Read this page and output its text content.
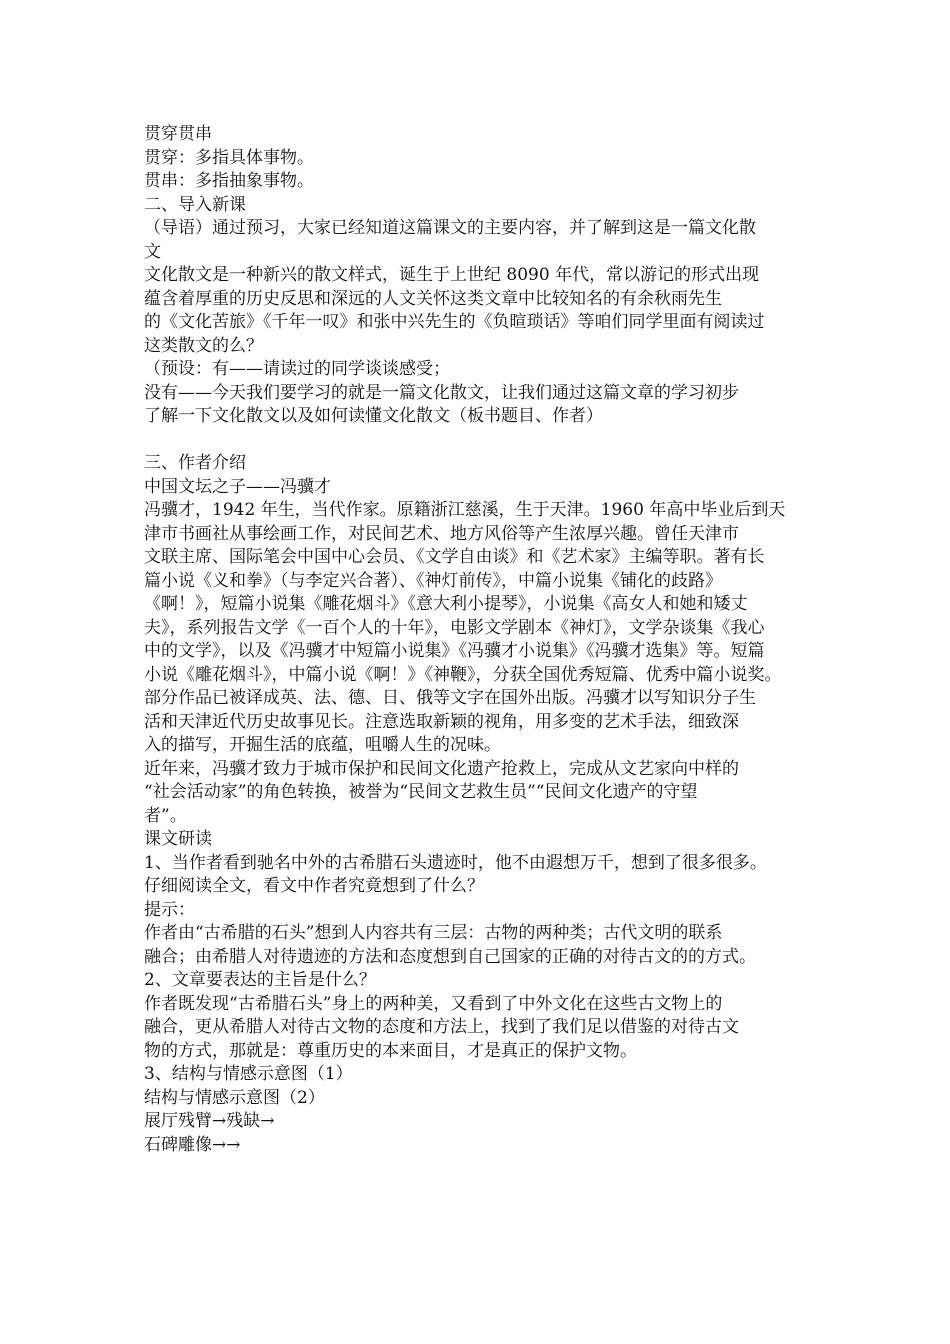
贯穿贯串
贯穿：多指具体事物。
贯串：多指抽象事物。
二、导入新课
（导语）通过预习，大家已经知道这篇课文的主要内容，并了解到这是一篇文化散
文
文化散文是一种新兴的散文样式，诞生于上世纪 8090 年代，常以游记的形式出现
蕴含着厚重的历史反思和深远的人文关怀这类文章中比较知名的有余秋雨先生
的《文化苦旅》《千年一叹》和张中兴先生的《负暄琐话》等咱们同学里面有阅读过
这类散文的么？
（预设：有——请读过的同学谈谈感受；
没有——今天我们要学习的就是一篇文化散文，让我们通过这篇文章的学习初步
了解一下文化散文以及如何读懂文化散文（板书题目、作者）
三、作者介绍
中国文坛之子——冯骥才
冯骥才，1942 年生，当代作家。原籍浙江慈溪，生于天津。1960 年高中毕业后到天
津市书画社从事绘画工作，对民间艺术、地方风俗等产生浓厚兴趣。曾任天津市
文联主席、国际笔会中国中心会员、《文学自由谈》和《艺术家》主编等职。著有长
篇小说《义和拳》（与李定兴合著）、《神灯前传》，中篇小说集《铺化的歧路》
《啊！》，短篇小说集《雕花烟斗》《意大利小提琴》，小说集《高女人和她和矮丈
夫》，系列报告文学《一百个人的十年》，电影文学剧本《神灯》，文学杂谈集《我心
中的文学》，以及《冯骥才中短篇小说集》《冯骥才小说集》《冯骥才选集》等。短篇
小说《雕花烟斗》，中篇小说《啊！》《神鞭》，分获全国优秀短篇、优秀中篇小说奖。
部分作品已被译成英、法、德、日、俄等文字在国外出版。冯骥才以写知识分子生
活和天津近代历史故事见长。注意选取新颖的视角，用多变的艺术手法，细致深
入的描写，开掘生活的底蕴，咀嚼人生的况味。
近年来，冯骥才致力于城市保护和民间文化遗产抢救上，完成从文艺家向中样的
“社会活动家”的角色转换，被誉为“民间文艺救生员”“民间文化遗产的守望
者”。
课文研读
1、当作者看到驰名中外的古希腊石头遗迹时，他不由遐想万千，想到了很多很多。
仔细阅读全文，看文中作者究竟想到了什么？
提示：
作者由“古希腊的石头”想到人内容共有三层：古物的两种类；古代文明的联系
融合；由希腊人对待遗迹的方法和态度想到自己国家的正确的对待古文的的方式。
2、文章要表达的主旨是什么？
作者既发现“古希腊石头”身上的两种美，又看到了中外文化在这些古文物上的
融合，更从希腊人对待古文物的态度和方法上，找到了我们足以借鉴的对待古文
物的方式，那就是：尊重历史的本来面目，才是真正的保护文物。
3、结构与情感示意图（1）
结构与情感示意图（2）
展厅残臂→残缺→
石碑雕像→→
